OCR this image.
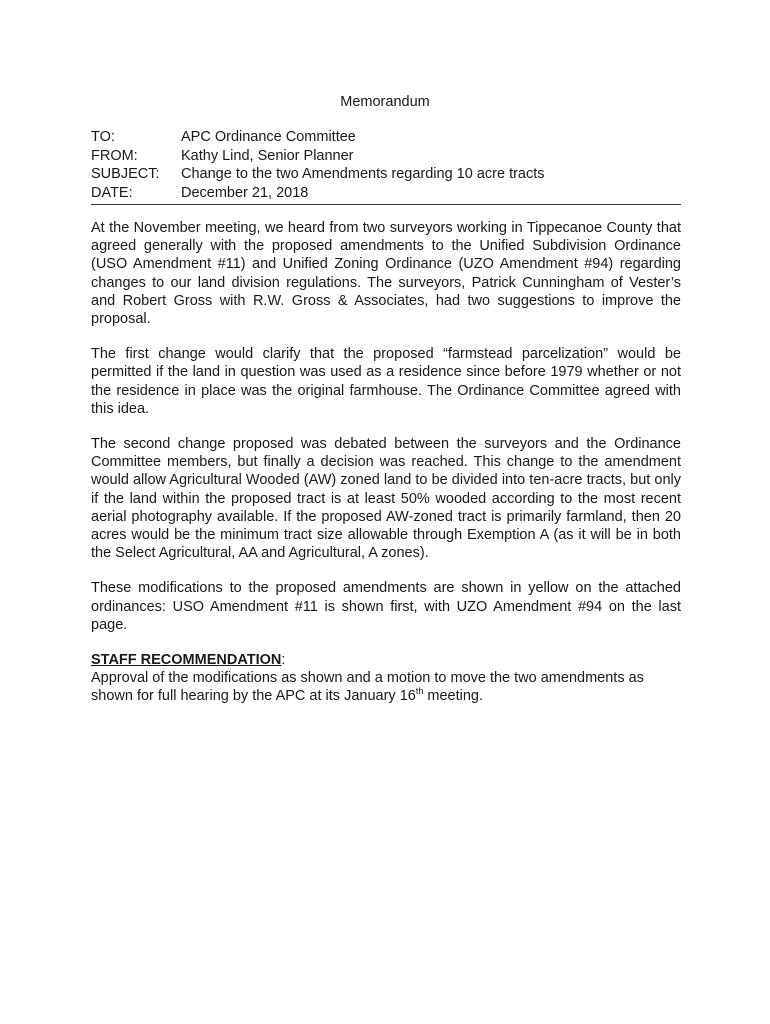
Memorandum
TO:	APC Ordinance Committee
FROM:	Kathy Lind, Senior Planner
SUBJECT:	Change to the two Amendments regarding 10 acre tracts
DATE:	December 21, 2018

At the November meeting, we heard from two surveyors working in Tippecanoe County that agreed generally with the proposed amendments to the Unified Subdivision Ordinance (USO Amendment #11) and Unified Zoning Ordinance (UZO Amendment #94) regarding changes to our land division regulations. The surveyors, Patrick Cunningham of Vester’s and Robert Gross with R.W. Gross & Associates, had two suggestions to improve the proposal.

The first change would clarify that the proposed “farmstead parcelization” would be permitted if the land in question was used as a residence since before 1979 whether or not the residence in place was the original farmhouse. The Ordinance Committee agreed with this idea.

The second change proposed was debated between the surveyors and the Ordinance Committee members, but finally a decision was reached. This change to the amendment would allow Agricultural Wooded (AW) zoned land to be divided into ten-acre tracts, but only if the land within the proposed tract is at least 50% wooded according to the most recent aerial photography available. If the proposed AW-zoned tract is primarily farmland, then 20 acres would be the minimum tract size allowable through Exemption A (as it will be in both the Select Agricultural, AA and Agricultural, A zones).

These modifications to the proposed amendments are shown in yellow on the attached ordinances: USO Amendment #11 is shown first, with UZO Amendment #94 on the last page.

STAFF RECOMMENDATION:
Approval of the modifications as shown and a motion to move the two amendments as shown for full hearing by the APC at its January 16th meeting.
